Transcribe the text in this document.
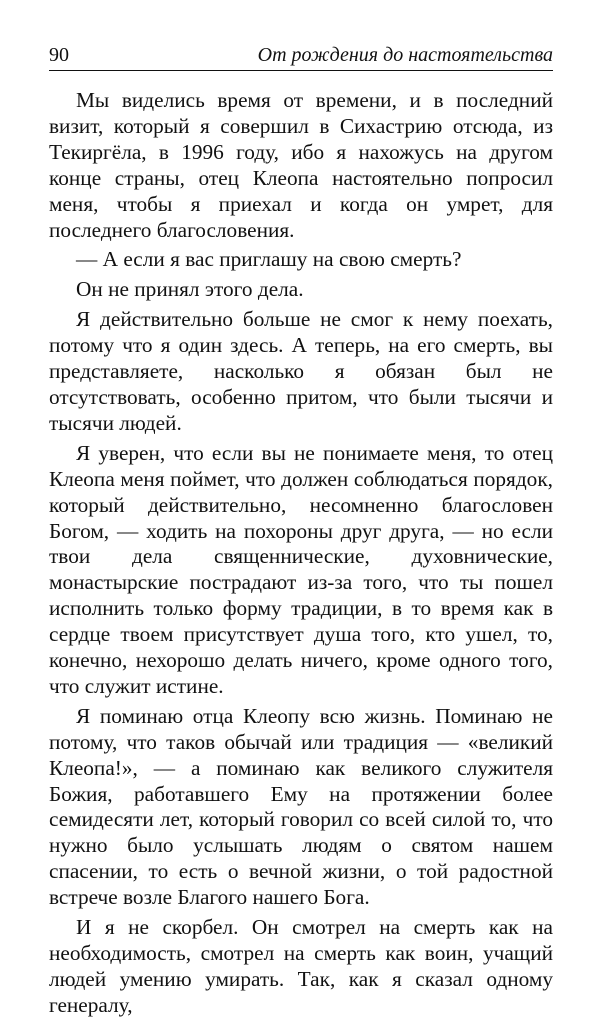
90	От рождения до настоятельства

Мы виделись время от времени, и в последний визит, который я совершил в Сихастрию отсюда, из Текиргёла, в 1996 году, ибо я нахожусь на другом конце страны, отец Клеопа настоятельно попросил меня, чтобы я приехал и когда он умрет, для последнего благословения.

— А если я вас приглашу на свою смерть?

Он не принял этого дела.

Я действительно больше не смог к нему поехать, потому что я один здесь. А теперь, на его смерть, вы представляете, насколько я обязан был не отсутствовать, особенно притом, что были тысячи и тысячи людей.

Я уверен, что если вы не понимаете меня, то отец Клеопа меня поймет, что должен соблюдаться порядок, который действительно, несомненно благословен Богом, — ходить на похороны друг друга, — но если твои дела священнические, духовнические, монастырские пострадают из-за того, что ты пошел исполнить только форму традиции, в то время как в сердце твоем присутствует душа того, кто ушел, то, конечно, нехорошо делать ничего, кроме одного того, что служит истине.

Я поминаю отца Клеопу всю жизнь. Поминаю не потому, что таков обычай или традиция — «великий Клеопа!», — а поминаю как великого служителя Божия, работавшего Ему на протяжении более семидесяти лет, который говорил со всей силой то, что нужно было услышать людям о святом нашем спасении, то есть о вечной жизни, о той радостной встрече возле Благого нашего Бога.

И я не скорбел. Он смотрел на смерть как на необходимость, смотрел на смерть как воин, учащий людей умению умирать. Так, как я сказал одному генералу,
